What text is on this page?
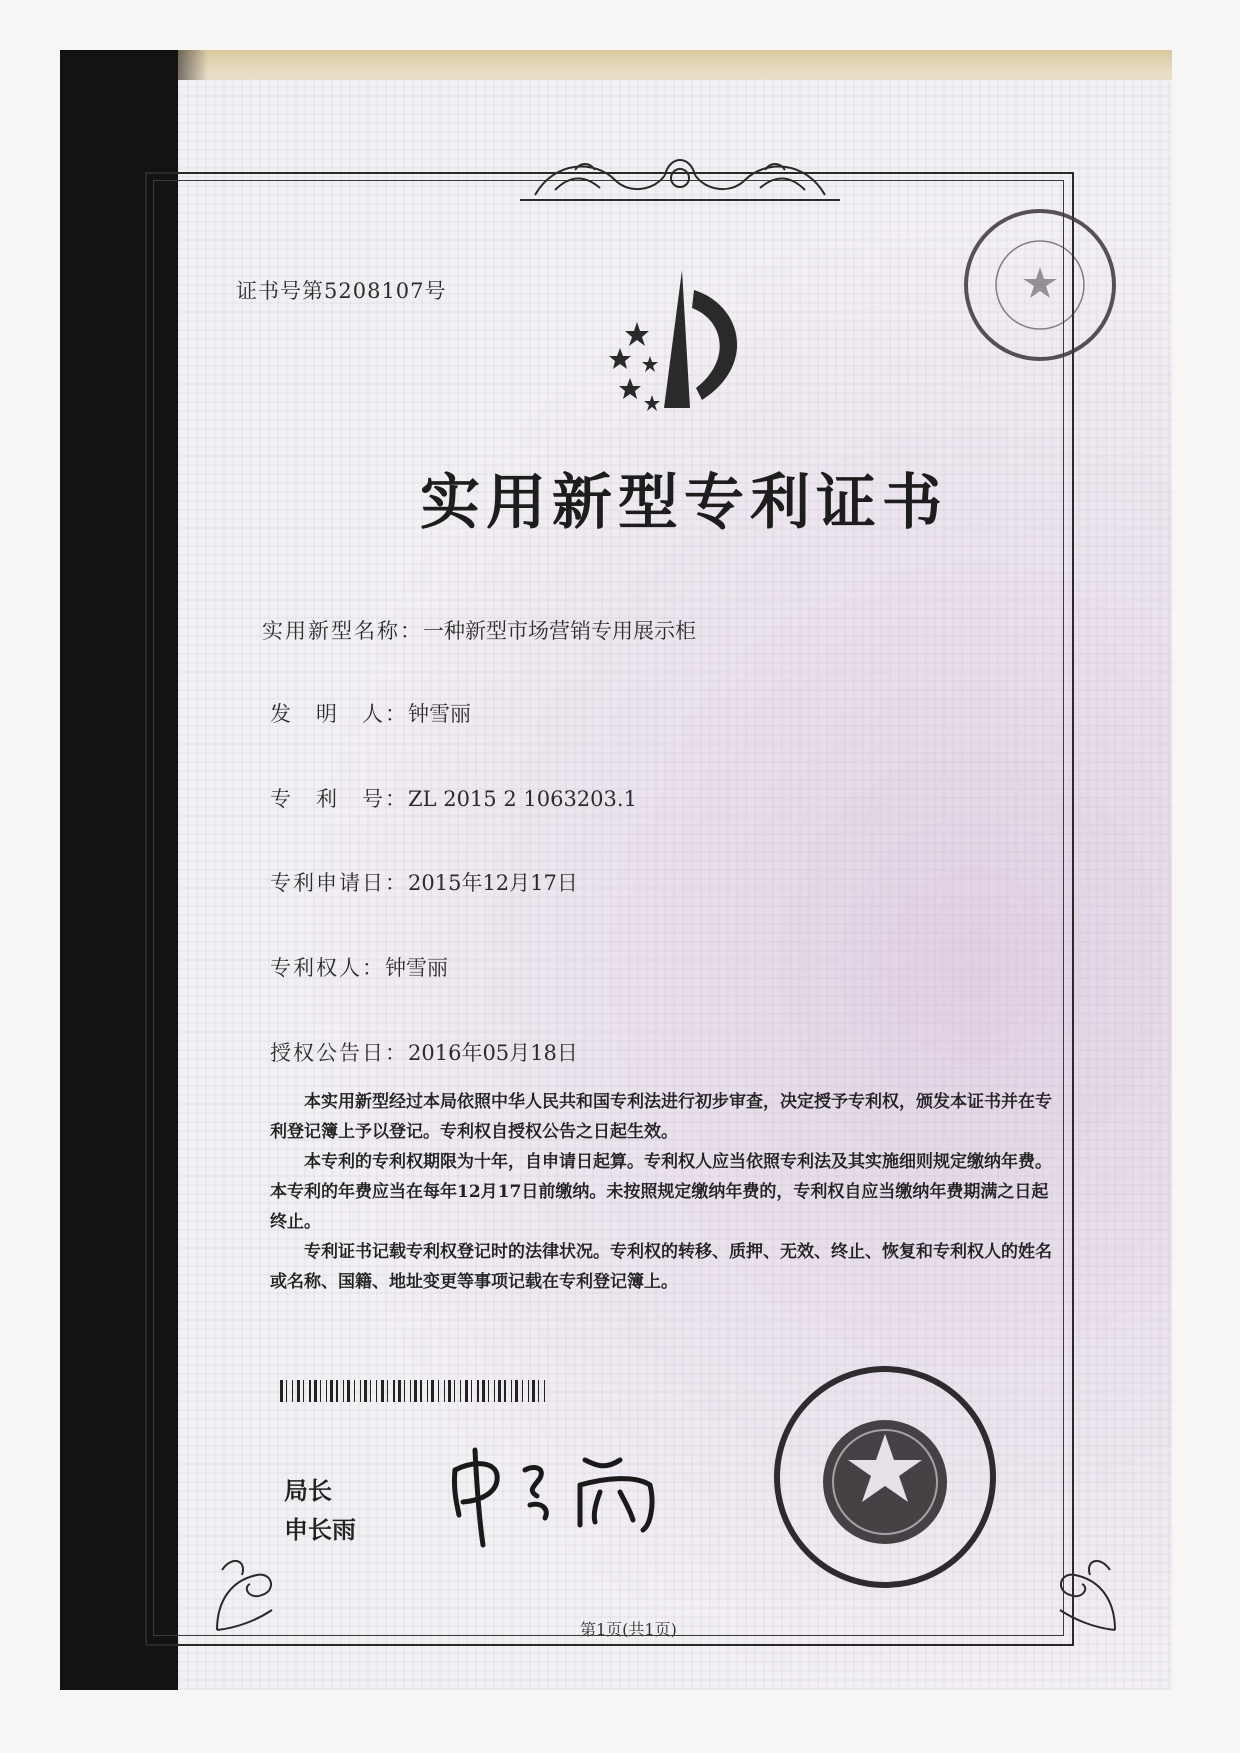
证书号第5208107号
实用新型专利证书
实用新型名称：一种新型市场营销专用展示柜
发　明　人：钟雪丽
专　利　号：ZL 2015 2 1063203.1
专利申请日：2015年12月17日
专利权人：钟雪丽
授权公告日：2016年05月18日

本实用新型经过本局依照中华人民共和国专利法进行初步审查，决定授予专利权，颁发本证书并在专利登记簿上予以登记。专利权自授权公告之日起生效。

本专利的专利权期限为十年，自申请日起算。专利权人应当依照专利法及其实施细则规定缴纳年费。本专利的年费应当在每年12月17日前缴纳。未按照规定缴纳年费的，专利权自应当缴纳年费期满之日起终止。

专利证书记载专利权登记时的法律状况。专利权的转移、质押、无效、终止、恢复和专利权人的姓名或名称、国籍、地址变更等事项记载在专利登记簿上。

局长
申长雨
第1页(共1页)
